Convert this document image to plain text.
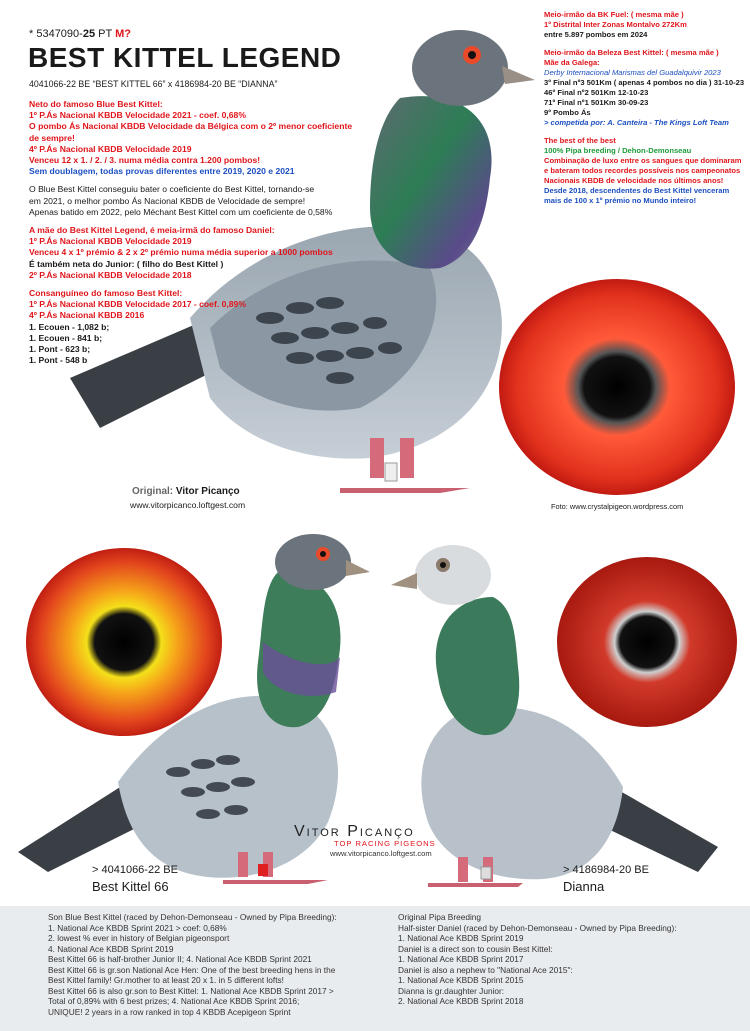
* 5347090-25 PT M?
BEST KITTEL LEGEND
4041066-22 BE “BEST KITTEL 66” x 4186984-20 BE “DIANNA”

Neto do famoso Blue Best Kittel:
1º P.Ás Nacional KBDB Velocidade 2021 - coef. 0,68%
O pombo Ás Nacional KBDB Velocidade da Bélgica com o 2º menor coeficiente de sempre!
4º P.Ás Nacional KBDB Velocidade 2019
Venceu 12 x 1. / 2. / 3. numa média contra 1.200 pombos!
Sem doublagem, todas provas diferentes entre 2019, 2020 e 2021

O Blue Best Kittel conseguiu bater o coeficiente do Best Kittel, tornando-se
em 2021, o melhor pombo Ás Nacional KBDB de Velocidade de sempre!
Apenas batido em 2022, pelo Méchant Best Kittel com um coeficiente de 0,58%

A mãe do Best Kittel Legend, é meia-irmã do famoso Daniel:
1º P.Ás Nacional KBDB Velocidade 2019
Venceu 4 x 1º prémio & 2 x 2º prémio numa média superior a 1000 pombos
É também neta do Junior: ( filho do Best Kittel )
2º P.Ás Nacional KBDB Velocidade 2018

Consanguíneo do famoso Best Kittel:
1º P.Ás Nacional KBDB Velocidade 2017 - coef. 0,89%
4º P.Ás Nacional KBDB 2016
1. Ecouen - 1,082 b;
1. Ecouen - 841 b;
1. Pont - 623 b;
1. Pont - 548 b

Meio-irmão da BK Fuel: ( mesma mãe )
1º Distrital Inter Zonas Montalvo 272Km
entre 5.897 pombos em 2024

Meio-irmão da Beleza Best Kittel: ( mesma mãe )
Mãe da Galega:
Derby Internacional Marismas del Guadalquivir 2023
3º Final nº3 501Km ( apenas 4 pombos no dia ) 31-10-23
46º Final nº2 501Km 12-10-23
71º Final nº1 501Km 30-09-23
9º Pombo Ás
> competida por: A. Canteira - The Kings Loft Team

The best of the best
100% Pipa breeding / Dehon-Demonseau
Combinação de luxo entre os sangues que dominaram
e bateram todos recordes possíveis nos campeonatos
Nacionais KBDB de velocidade nos últimos anos!
Desde 2018, descendentes do Best Kittel venceram
mais de 100 x 1º prémio no Mundo inteiro!

Original: Vitor Picanço
www.vitorpicanco.loftgest.com	Foto: www.crystalpigeon.wordpress.com
Vitor Picanço
TOP RACING PIGEONS
www.vitorpicanco.loftgest.com
> 4041066-22 BE
Best Kittel 66
> 4186984-20 BE
Dianna
Son Blue Best Kittel (raced by Dehon-Demonseau - Owned by Pipa Breeding):
1. National Ace KBDB Sprint 2021 > coef: 0,68%
2. lowest % ever in history of Belgian pigeonsport
4. National Ace KBDB Sprint 2019
Best Kittel 66 is half-brother Junior II; 4. National Ace KBDB Sprint 2021
Best Kittel 66 is gr.son National Ace Hen: One of the best breeding hens in the
Best Kittel family! Gr.mother to at least 20 x 1. in 5 different lofts!
Best Kittel 66 is also gr.son to Best Kittel: 1. National Ace KBDB Sprint 2017 >
Total of 0,89% with 6 best prizes; 4. National Ace KBDB Sprint 2016;
UNIQUE! 2 years in a row ranked in top 4 KBDB Acepigeon Sprint
Original Pipa Breeding
Half-sister Daniel (raced by Dehon-Demonseau - Owned by Pipa Breeding):
1. National Ace KBDB Sprint 2019
Daniel is a direct son to cousin Best Kittel:
1. National Ace KBDB Sprint 2017
Daniel is also a nephew to "National Ace 2015":
1. National Ace KBDB Sprint 2015
Dianna is gr.daughter Junior:
2. National Ace KBDB Sprint 2018
